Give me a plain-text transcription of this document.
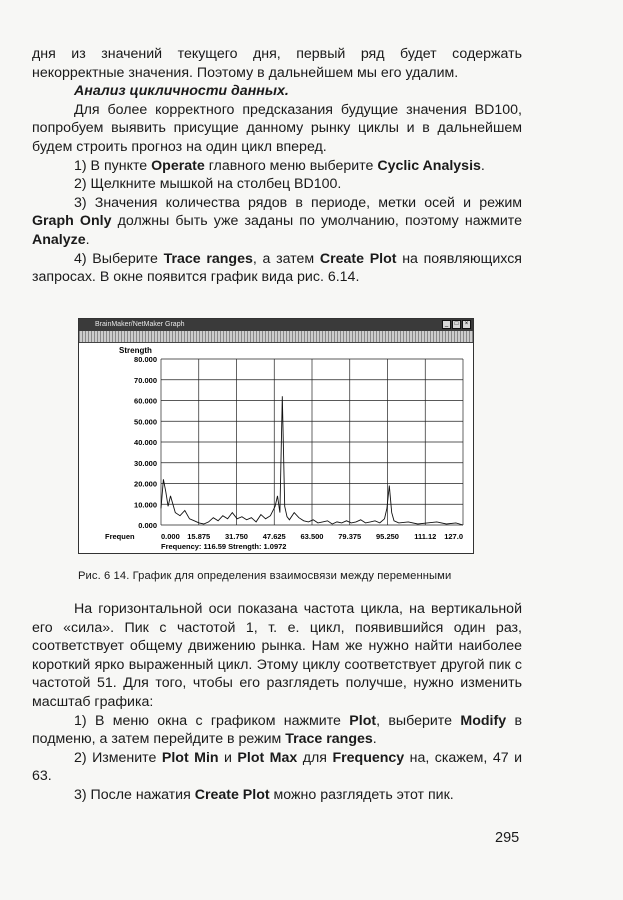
дня из значений текущего дня, первый ряд будет содержать некорректные значения. Поэтому в дальнейшем мы его удалим.

Анализ цикличности данных.

Для более корректного предсказания будущие значения BD100, попробуем выявить присущие данному рынку циклы и в дальнейшем будем строить прогноз на один цикл вперед.

1) В пункте Operate главного меню выберите Cyclic Analysis.

2) Щелкните мышкой на столбец BD100.

3) Значения количества рядов в периоде, метки осей и режим Graph Only должны быть уже заданы по умолчанию, поэтому нажмите Analyze.

4) Выберите Trace ranges, а затем Create Plot на появляющихся запросах. В окне появится график вида рис. 6.14.

BrainMaker/NetMaker Graph	_	□	×
Strength
80.000
70.000
60.000
50.000
40.000
30.000
20.000
10.000
0.000
0.000 15.875 31.750 47.625 63.500 79.375 95.250 111.12 127.0
Frequen
Frequency: 116.59 Strength: 1.0972
Рис. 6 14. График для определения взаимосвязи между переменными

На горизонтальной оси показана частота цикла, на вертикальной его «сила». Пик с частотой 1, т. е. цикл, появившийся один раз, соответствует общему движению рынка. Нам же нужно найти наиболее короткий ярко выраженный цикл. Этому циклу соответствует другой пик с частотой 51. Для того, чтобы его разглядеть получше, нужно изменить масштаб графика:

1) В меню окна с графиком нажмите Plot, выберите Modify в подменю, а затем перейдите в режим Trace ranges.

2) Измените Plot Min и Plot Max для Frequency на, скажем, 47 и 63.

3) После нажатия Create Plot можно разглядеть этот пик.

295
